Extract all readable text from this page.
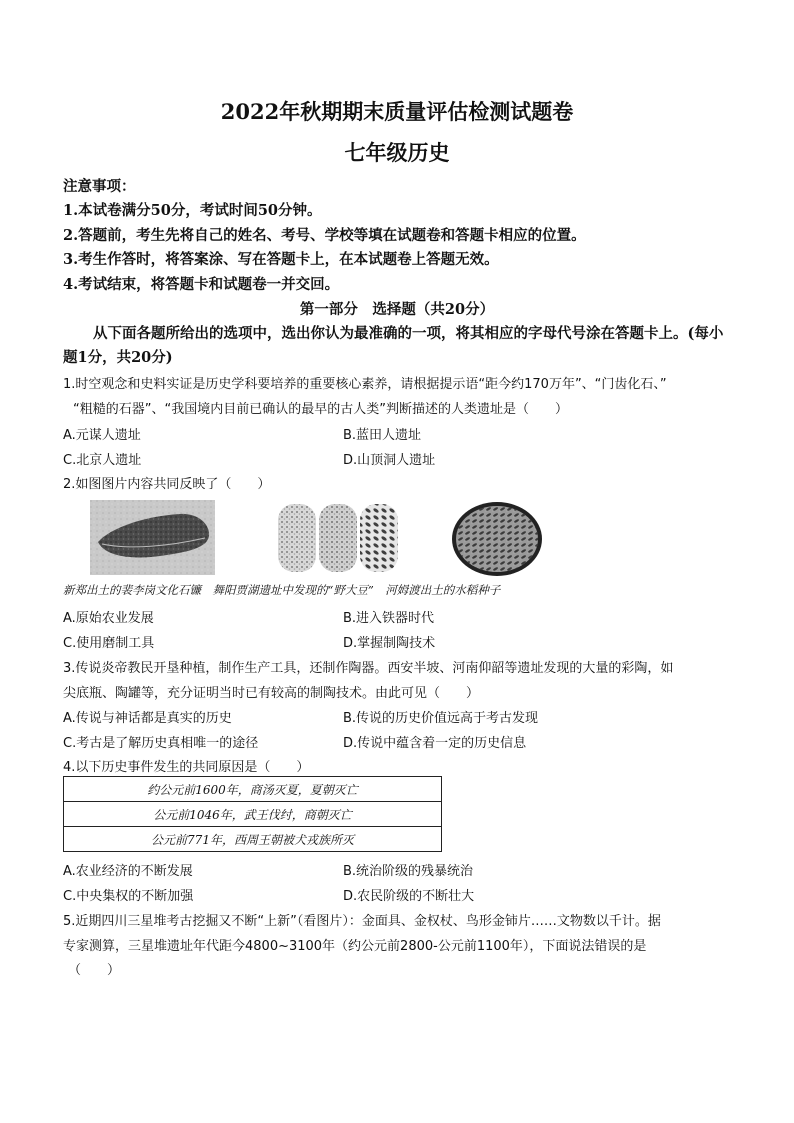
2022年秋期期末质量评估检测试题卷
七年级历史
注意事项：
1.本试卷满分50分，考试时间50分钟。
2.答题前，考生先将自己的姓名、考号、学校等填在试题卷和答题卡相应的位置。
3.考生作答时，将答案涂、写在答题卡上，在本试题卷上答题无效。
4.考试结束，将答题卡和试题卷一并交回。
第一部分　选择题（共20分）
从下面各题所给出的选项中，选出你认为最准确的一项，将其相应的字母代号涂在答题卡上。(每小题1分，共20分)
1.时空观念和史料实证是历史学科要培养的重要核心素养，请根据提示语“距今约170万年”、“门齿化石、”
“粗糙的石器”、“我国境内目前已确认的最早的古人类”判断描述的人类遗址是（　　）
A.元谋人遗址	B.蓝田人遗址
C.北京人遗址	D.山顶洞人遗址
2.如图图片内容共同反映了（　　）
新郑出土的裴李岗文化石镰　舞阳贾湖遗址中发现的“野大豆”　河姆渡出土的水稻种子
A.原始农业发展	B.进入铁器时代
C.使用磨制工具	D.掌握制陶技术
3.传说炎帝教民开垦种植，制作生产工具，还制作陶器。西安半坡、河南仰韶等遗址发现的大量的彩陶，如
尖底瓶、陶罐等，充分证明当时已有较高的制陶技术。由此可见（　　）
A.传说与神话都是真实的历史	B.传说的历史价值远高于考古发现
C.考古是了解历史真相唯一的途径	D.传说中蕴含着一定的历史信息
4.以下历史事件发生的共同原因是（　　）
约公元前1600年，商汤灭夏，夏朝灭亡
公元前1046年，武王伐纣，商朝灭亡
公元前771年，西周王朝被犬戎族所灭
A.农业经济的不断发展	B.统治阶级的残暴统治
C.中央集权的不断加强	D.农民阶级的不断壮大
5.近期四川三星堆考古挖掘又不断“上新”（看图片）：金面具、金权杖、鸟形金铈片……文物数以千计。据
专家测算，三星堆遗址年代距今4800~3100年（约公元前2800-公元前1100年），下面说法错误的是
（　　）
